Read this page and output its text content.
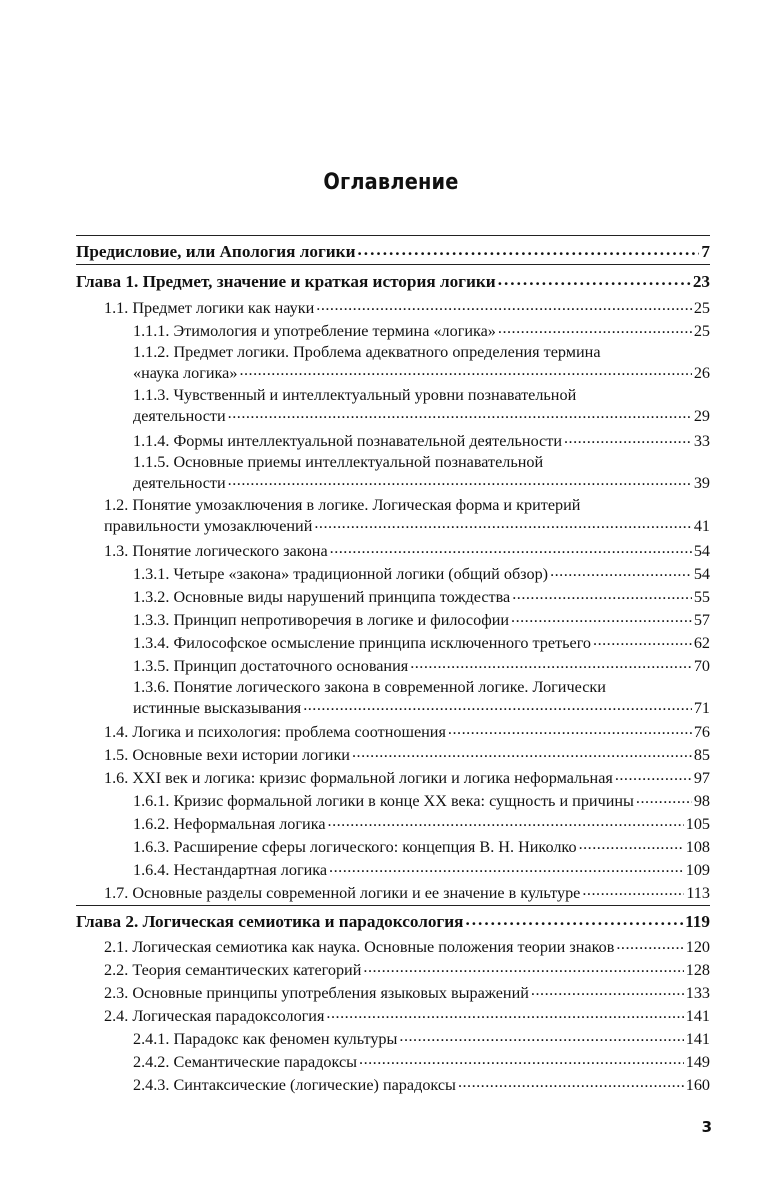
Оглавление
Предисловие, или Апология логики .....	7
Глава 1. Предмет, значение и краткая история логики .....	23
1.1. Предмет логики как науки .....	25
1.1.1. Этимология и употребление термина «логика» .....	25
1.1.2. Предмет логики. Проблема адекватного определения термина
«наука логика» .....	26
1.1.3. Чувственный и интеллектуальный уровни познавательной
деятельности .....	29
1.1.4. Формы интеллектуальной познавательной деятельности .....	33
1.1.5. Основные приемы интеллектуальной познавательной
деятельности .....	39
1.2. Понятие умозаключения в логике. Логическая форма и критерий
правильности умозаключений .....	41
1.3. Понятие логического закона .....	54
1.3.1. Четыре «закона» традиционной логики (общий обзор) .....	54
1.3.2. Основные виды нарушений принципа тождества .....	55
1.3.3. Принцип непротиворечия в логике и философии .....	57
1.3.4. Философское осмысление принципа исключенного третьего .....	62
1.3.5. Принцип достаточного основания .....	70
1.3.6. Понятие логического закона в современной логике. Логически
истинные высказывания .....	71
1.4. Логика и психология: проблема соотношения .....	76
1.5. Основные вехи истории логики .....	85
1.6. XXI век и логика: кризис формальной логики и логика неформальная .....	97
1.6.1. Кризис формальной логики в конце XX века: сущность и причины .....	98
1.6.2. Неформальная логика .....	105
1.6.3. Расширение сферы логического: концепция В. Н. Николко .....	108
1.6.4. Нестандартная логика .....	109
1.7. Основные разделы современной логики и ее значение в культуре .....	113
Глава 2. Логическая семиотика и парадоксология .....	119
2.1. Логическая семиотика как наука. Основные положения теории знаков .....	120
2.2. Теория семантических категорий .....	128
2.3. Основные принципы употребления языковых выражений .....	133
2.4. Логическая парадоксология .....	141
2.4.1. Парадокс как феномен культуры .....	141
2.4.2. Семантические парадоксы .....	149
2.4.3. Синтаксические (логические) парадоксы .....	160
3
